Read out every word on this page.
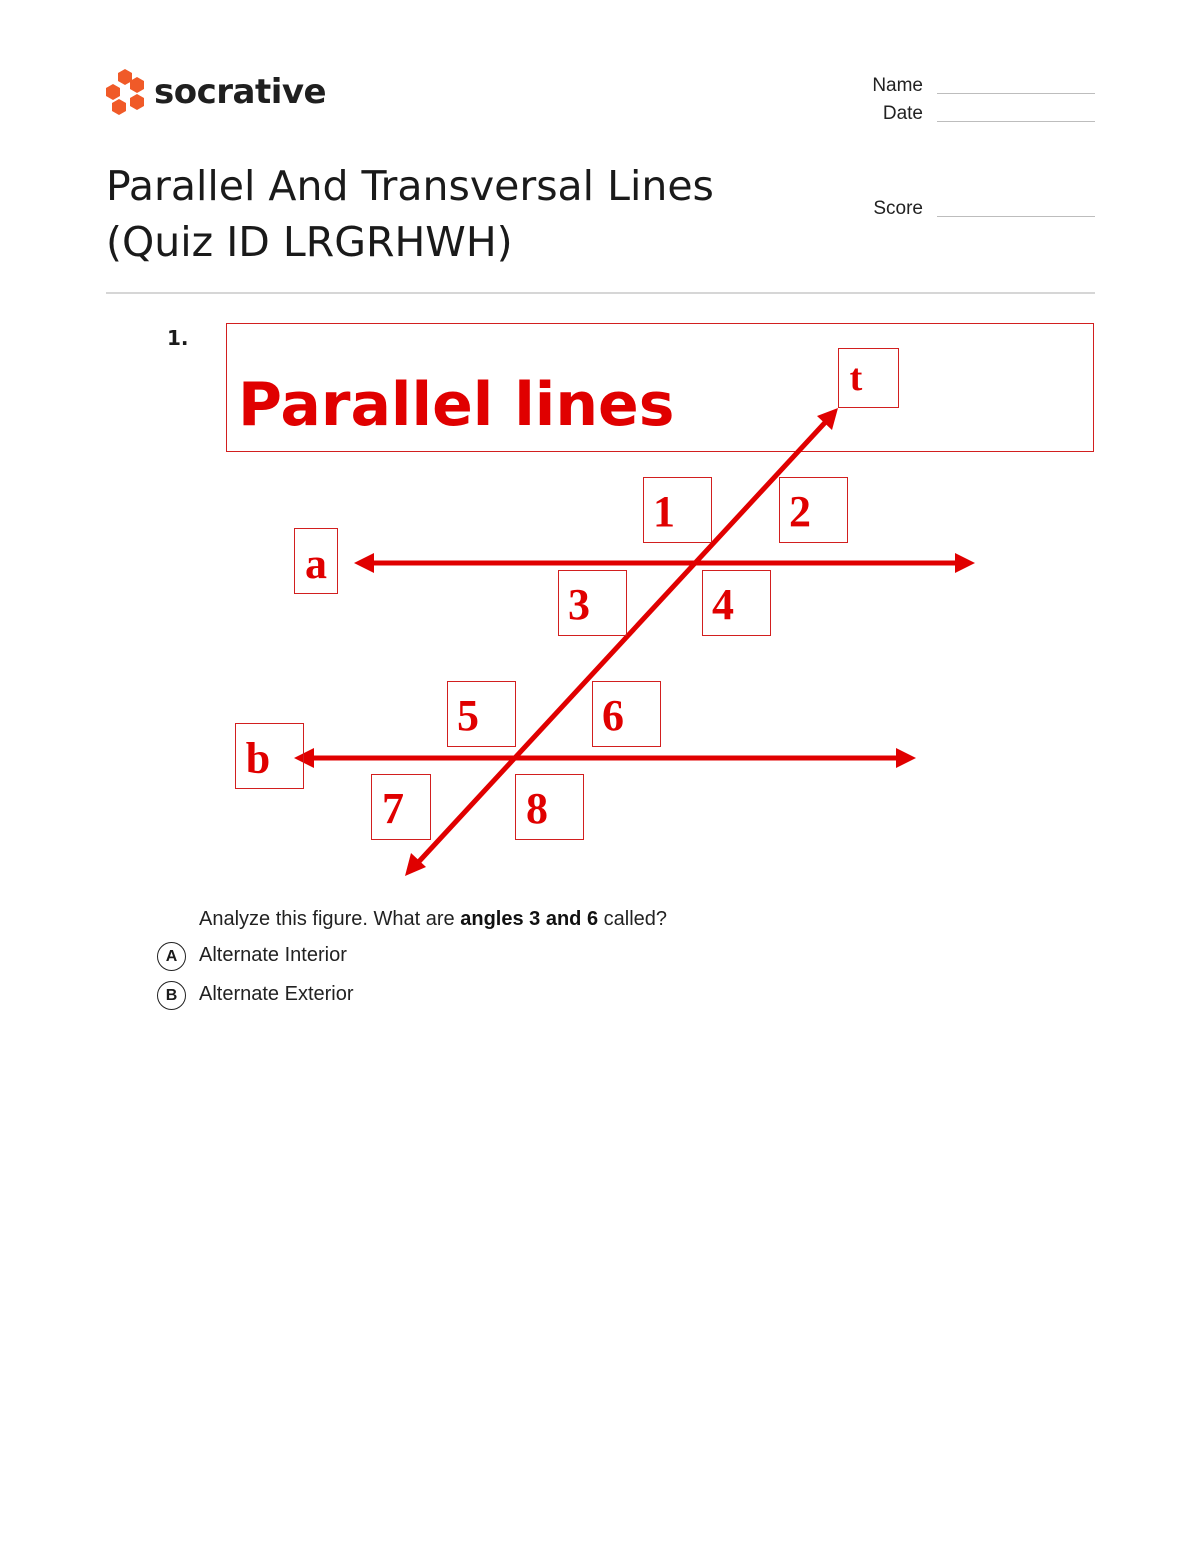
socrative	Name
Date
Score
Parallel And Transversal Lines
(Quiz ID LRGRHWH)
1.
Parallel lines	t
a
b
1	2
3	4
5	6
7	8
Analyze this figure. What are angles 3 and 6 called?
A	Alternate Interior
B	Alternate Exterior
